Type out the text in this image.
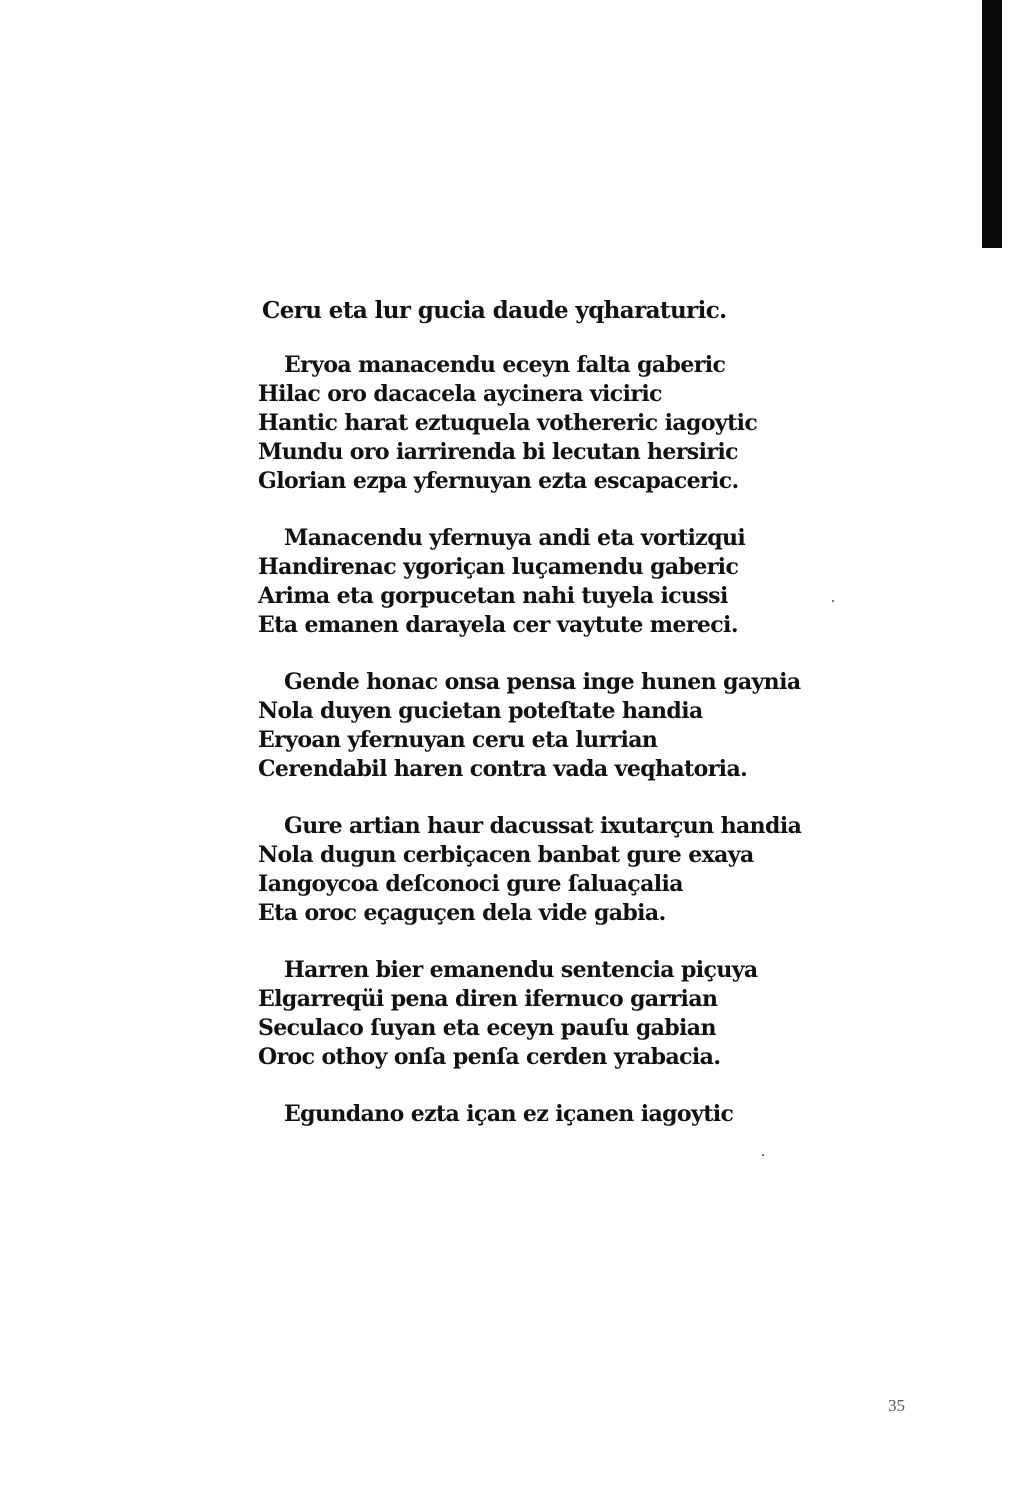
Ceru eta lur gucia daude yqharaturic.
Eryoa manacendu eceyn falta gaberic
Hilac oro dacacela aycinera viciric
Hantic harat eztuquela vothereric iagoytic
Mundu oro iarrirenda bi lecutan hersiric
Glorian ezpa yfernuyan ezta escapaceric.
Manacendu yfernuya andi eta vortizqui
Handirenac ygoriçan luçamendu gaberic
Arima eta gorpucetan nahi tuyela icussi
Eta emanen darayela cer vaytute mereci.
Gende honac onsa pensa inge hunen gaynia
Nola duyen gucietan poteſtate handia
Eryoan yfernuyan ceru eta lurrian
Cerendabil haren contra vada veqhatoria.
Gure artian haur dacussat ixutarçun handia
Nola dugun cerbiçacen banbat gure exaya
Iangoycoa deſconoci gure ſaluaçalia
Eta oroc eçaguçen dela vide gabia.
Harren bier emanendu sentencia piçuya
Elgarreqüi pena diren ifernuco garrian
Seculaco ſuyan eta eceyn pauſu gabian
Oroc othoy onſa penſa cerden yrabacia.
Egundano ezta içan ez içanen iagoytic
35
